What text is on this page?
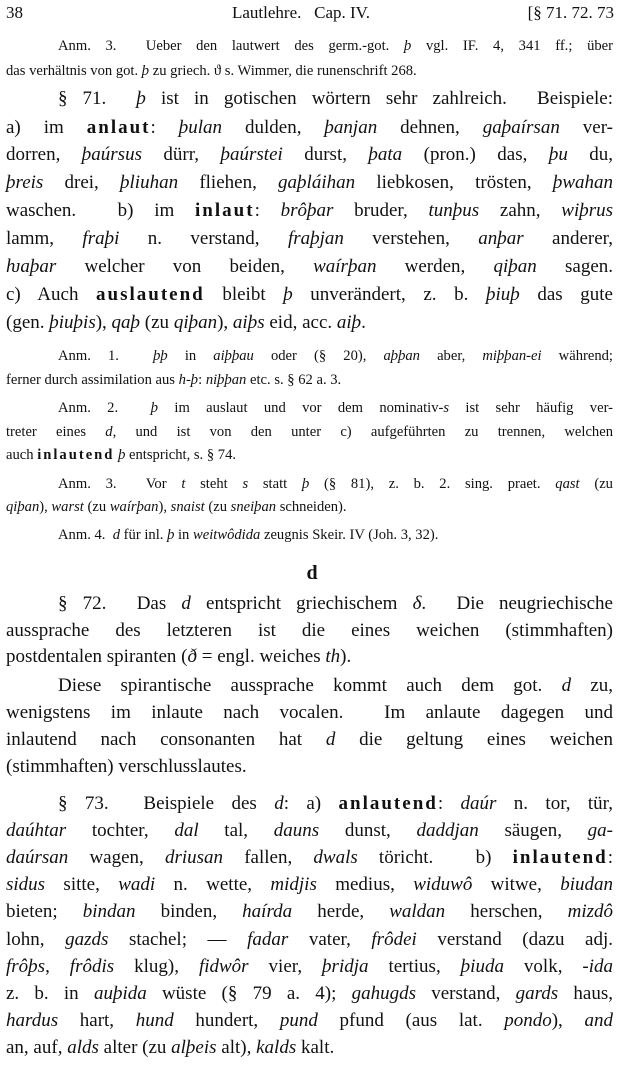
38	Lautlehre.   Cap. IV.	[§ 71. 72. 73
d
Anm. 3.  Ueber den lautwert des germ.-got. þ vgl. IF. 4, 341 ff.; über
das verhältnis von got. þ zu griech. ϑ s. Wimmer, die runenschrift 268.
§ 71.  þ ist in gotischen wörtern sehr zahlreich.  Beispiele:
a) im anlaut: þulan dulden, þanjan dehnen, gaþaírsan ver-
dorren, þaúrsus dürr, þaúrstei durst, þata (pron.) das, þu du,
þreis drei, þliuhan fliehen, gaþláihan liebkosen, trösten, þwahan
waschen.  b) im inlaut: brôþar bruder, tunþus zahn, wiþrus
lamm, fraþi n. verstand, fraþjan verstehen, anþar anderer,
ƕaþar welcher von beiden, waírþan werden, qiþan sagen.
c) Auch auslautend bleibt þ unverändert, z. b. þiuþ das gute
(gen. þiuþis), qaþ (zu qiþan), aiþs eid, acc. aiþ.
Anm. 1.  þþ in aiþþau oder (§ 20), aþþan aber, miþþan-ei während;
ferner durch assimilation aus h-þ: niþþan etc. s. § 62 a. 3.
Anm. 2.  þ im auslaut und vor dem nominativ-s ist sehr häufig ver-
treter eines d, und ist von den unter c) aufgeführten zu trennen, welchen
auch inlautend þ entspricht, s. § 74.
Anm. 3.  Vor t steht s statt þ (§ 81), z. b. 2. sing. praet. qast (zu
qiþan), warst (zu waírþan), snaist (zu sneiþan schneiden).
Anm. 4.  d für inl. þ in weitwôdida zeugnis Skeir. IV (Joh. 3, 32).
§ 72.  Das d entspricht griechischem δ.  Die neugriechische
aussprache des letzteren ist die eines weichen (stimmhaften)
postdentalen spiranten (ð = engl. weiches th).
Diese spirantische aussprache kommt auch dem got. d zu,
wenigstens im inlaute nach vocalen.  Im anlaute dagegen und
inlautend nach consonanten hat d die geltung eines weichen
(stimmhaften) verschlusslautes.
§ 73.  Beispiele des d: a) anlautend: daúr n. tor, tür,
daúhtar tochter, dal tal, dauns dunst, daddjan säugen, ga-
daúrsan wagen, driusan fallen, dwals töricht.  b) inlautend:
sidus sitte, wadi n. wette, midjis medius, widuwô witwe, biudan
bieten; bindan binden, haírda herde, waldan herschen, mizdô
lohn, gazds stachel; — fadar vater, frôdei verstand (dazu adj.
frôþs, frôdis klug), fidwôr vier, þridja tertius, þiuda volk, -ida
z. b. in auþida wüste (§ 79 a. 4); gahugds verstand, gards haus,
hardus hart, hund hundert, pund pfund (aus lat. pondo), and
an, auf, alds alter (zu alþeis alt), kalds kalt.
